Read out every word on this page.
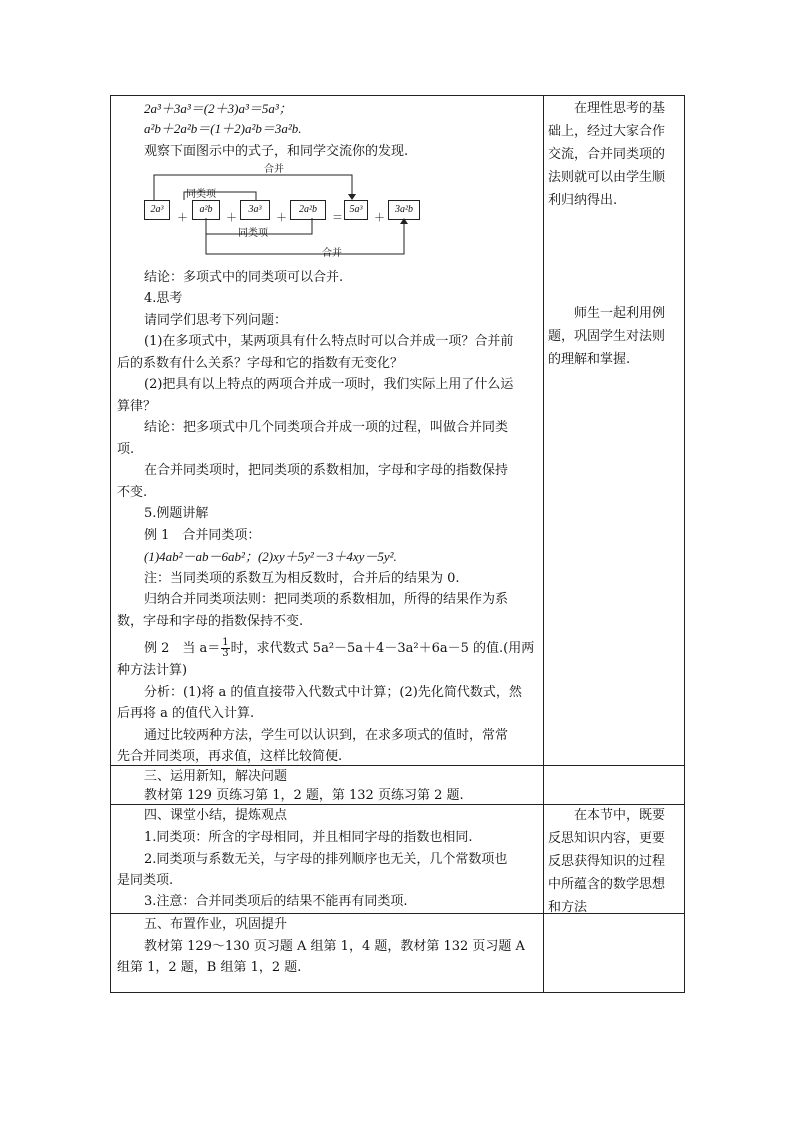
2a³＋3a³＝(2＋3)a³＝5a³；
a²b＋2a²b＝(1＋2)a²b＝3a²b.
观察下面图示中的式子，和同学交流你的发现.
合并
同类项
同类项
合并
2a³
＋
a²b
＋
3a³
＋
2a²b
＝
5a³
＋
3a²b
结论：多项式中的同类项可以合并.
4.思考
请同学们思考下列问题：
(1)在多项式中，某两项具有什么特点时可以合并成一项？合并前
后的系数有什么关系？字母和它的指数有无变化？
(2)把具有以上特点的两项合并成一项时，我们实际上用了什么运
算律？
结论：把多项式中几个同类项合并成一项的过程，叫做合并同类
项.
在合并同类项时，把同类项的系数相加，字母和字母的指数保持
不变.
5.例题讲解
例 1　合并同类项：
(1)4ab²－ab－6ab²；(2)xy＋5y²－3＋4xy－5y².
注：当同类项的系数互为相反数时，合并后的结果为 0.
归纳合并同类项法则：把同类项的系数相加，所得的结果作为系
数，字母和字母的指数保持不变.
例 2　当 $a= \frac{1}{3}$ 时，求代数式 5a²－5a＋4－3a²＋6a－5 的值.(用两
种方法计算)
分析：(1)将 a 的值直接带入代数式中计算；(2)先化简代数式，然
后再将 a 的值代入计算.
通过比较两种方法，学生可以认识到，在求多项式的值时，常常
先合并同类项，再求值，这样比较简便.
三、运用新知，解决问题
教材第 129 页练习第 1，2 题，第 132 页练习第 2 题.
四、课堂小结，提炼观点
1.同类项：所含的字母相同，并且相同字母的指数也相同.
2.同类项与系数无关，与字母的排列顺序也无关，几个常数项也
是同类项.
3.注意：合并同类项后的结果不能再有同类项.
五、布置作业，巩固提升
教材第 129～130 页习题 A 组第 1，4 题，教材第 132 页习题 A
组第 1，2 题，B 组第 1，2 题.
在理性思考的基
础上，经过大家合作
交流，合并同类项的
法则就可以由学生顺
利归纳得出.
师生一起利用例
题，巩固学生对法则
的理解和掌握.
在本节中，既要
反思知识内容，更要
反思获得知识的过程
中所蕴含的数学思想
和方法
